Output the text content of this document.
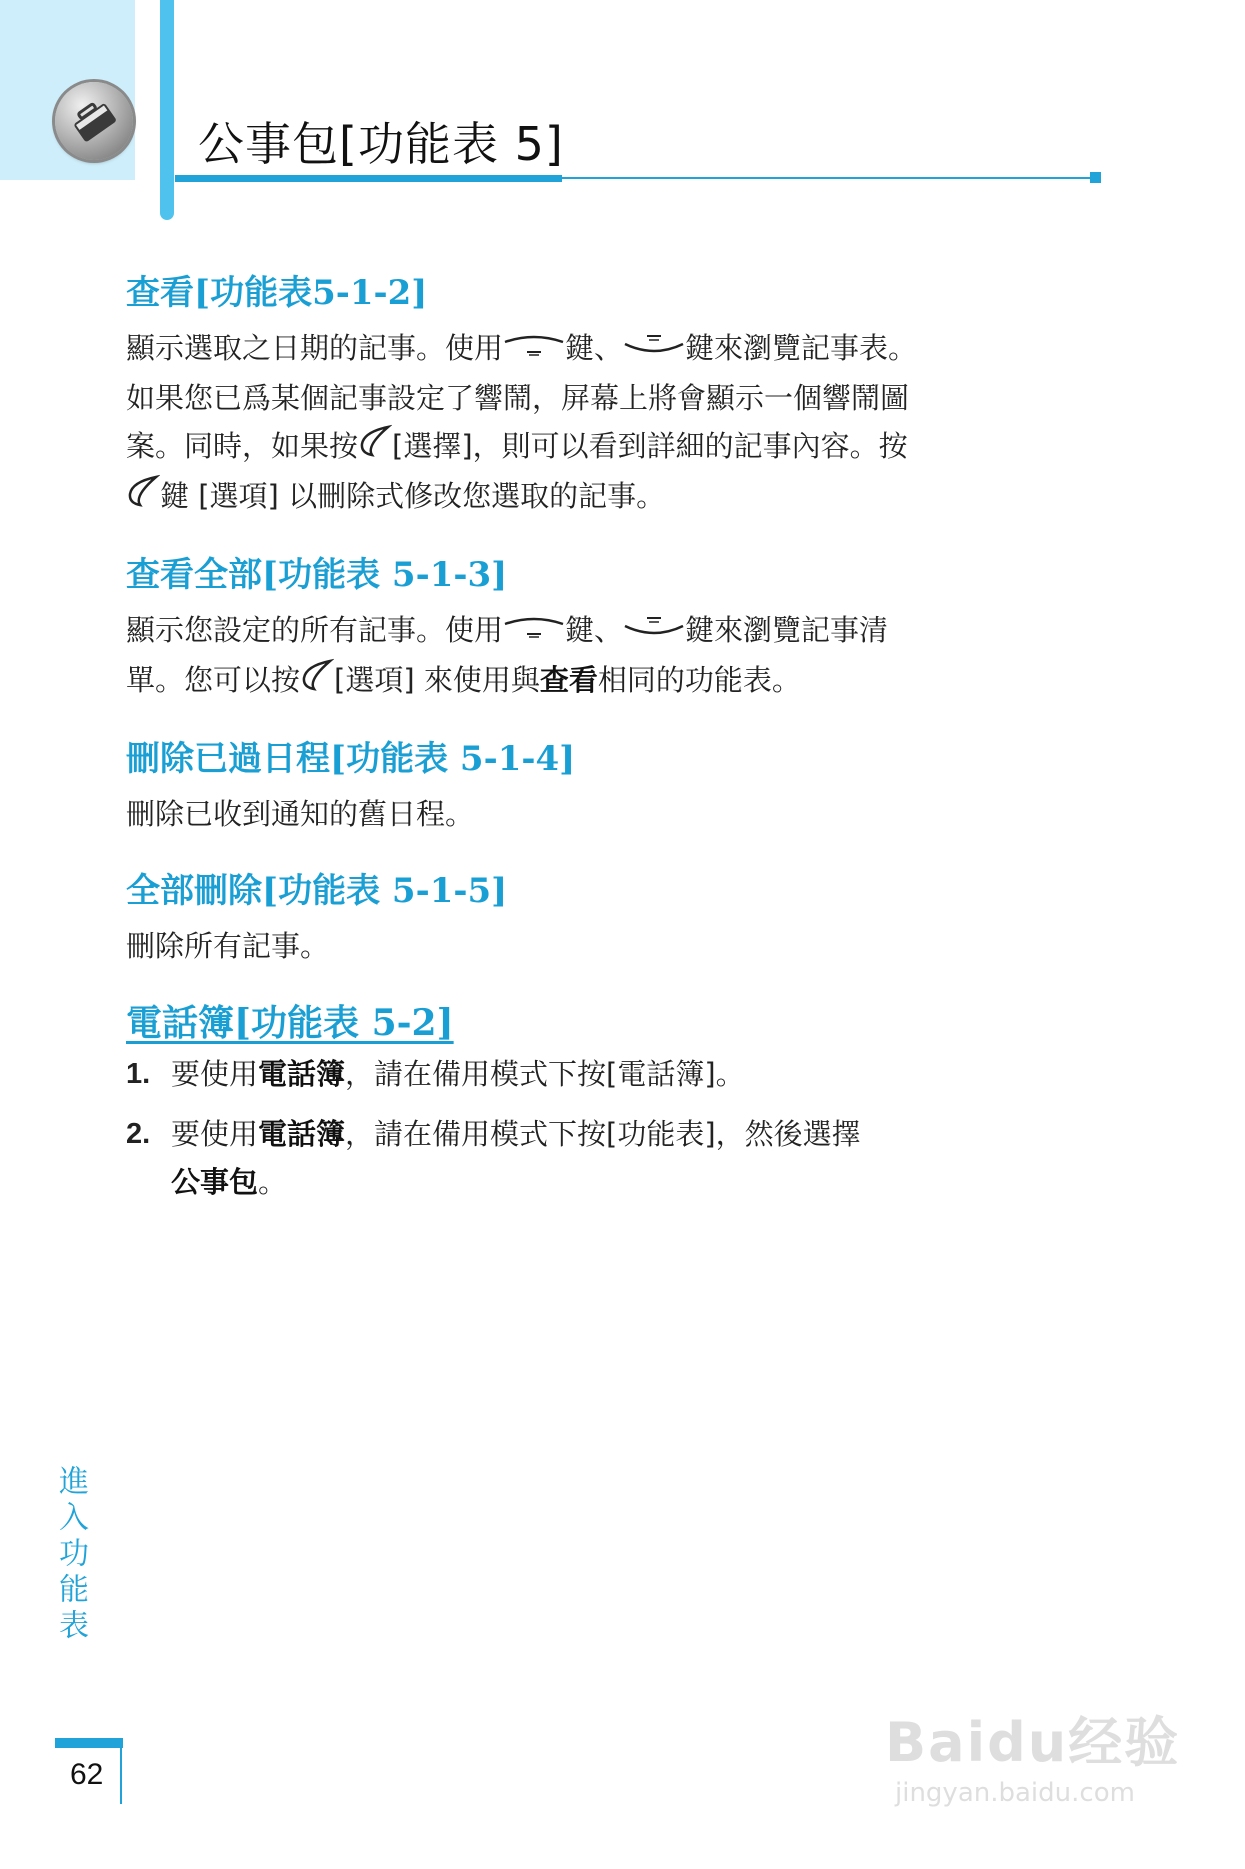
公事包[功能表 5]
查看[功能表5-1-2]
顯示選取之日期的記事。使用 鍵、 鍵來瀏覽記事表。
如果您已爲某個記事設定了響鬧，屏幕上將會顯示一個響鬧圖
案。同時，如果按 [選擇]，則可以看到詳細的記事內容。按
鍵 [選項] 以刪除式修改您選取的記事。
查看全部[功能表 5-1-3]
顯示您設定的所有記事。使用 鍵、 鍵來瀏覽記事清
單。您可以按 [選項] 來使用與查看相同的功能表。
刪除已過日程[功能表 5-1-4]
刪除已收到通知的舊日程。
全部刪除[功能表 5-1-5]
刪除所有記事。
電話簿[功能表 5-2]
1. 要使用電話簿，請在備用模式下按[電話簿]。
2. 要使用電話簿，請在備用模式下按[功能表]，然後選擇
公事包。
進入功能表
62
Baidu经验
jingyan.baidu.com
